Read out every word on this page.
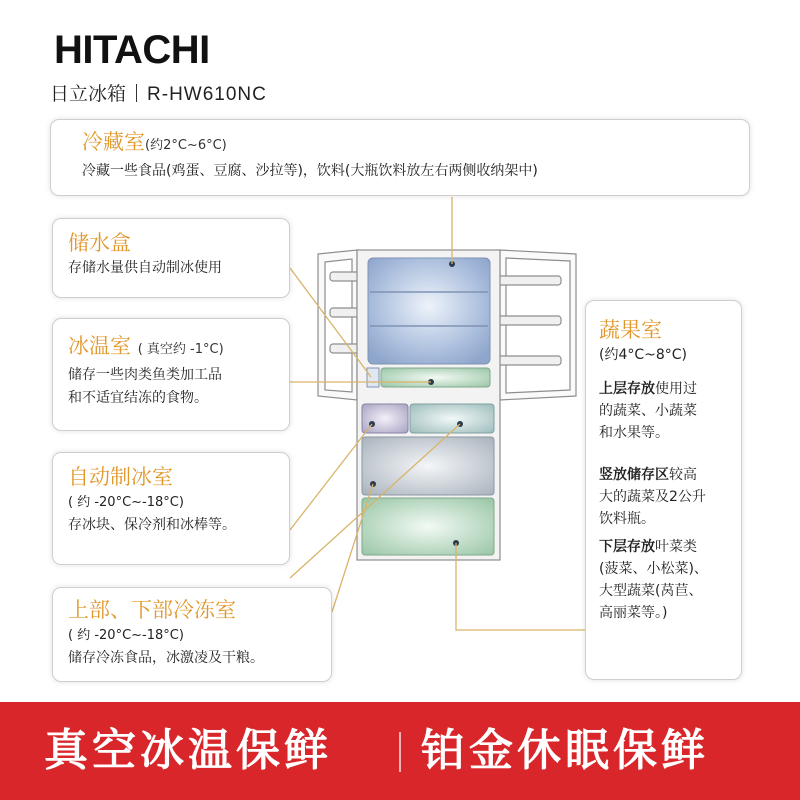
HITACHI
日立冰箱 R-HW610NC
冷藏室(约2°C~6°C)
冷藏一些食品(鸡蛋、豆腐、沙拉等)，饮料(大瓶饮料放左右两侧收纳架中)
储水盒
存储水量供自动制冰使用
冰温室 ( 真空约 -1°C)
储存一些肉类鱼类加工品
和不适宜结冻的食物。
自动制冰室
( 约 -20°C~-18°C)
存冰块、保冷剂和冰棒等。
上部、下部冷冻室
( 约 -20°C~-18°C)
储存冷冻食品，冰激凌及干粮。
蔬果室
(约4°C~8°C)
上层存放使用过
的蔬菜、小蔬菜
和水果等。
竖放储存区较高
大的蔬菜及2公升
饮料瓶。
下层存放叶菜类
(菠菜、小松菜)、
大型蔬菜(莴苣、
高丽菜等。)
真空冰温保鲜 铂金休眠保鲜
